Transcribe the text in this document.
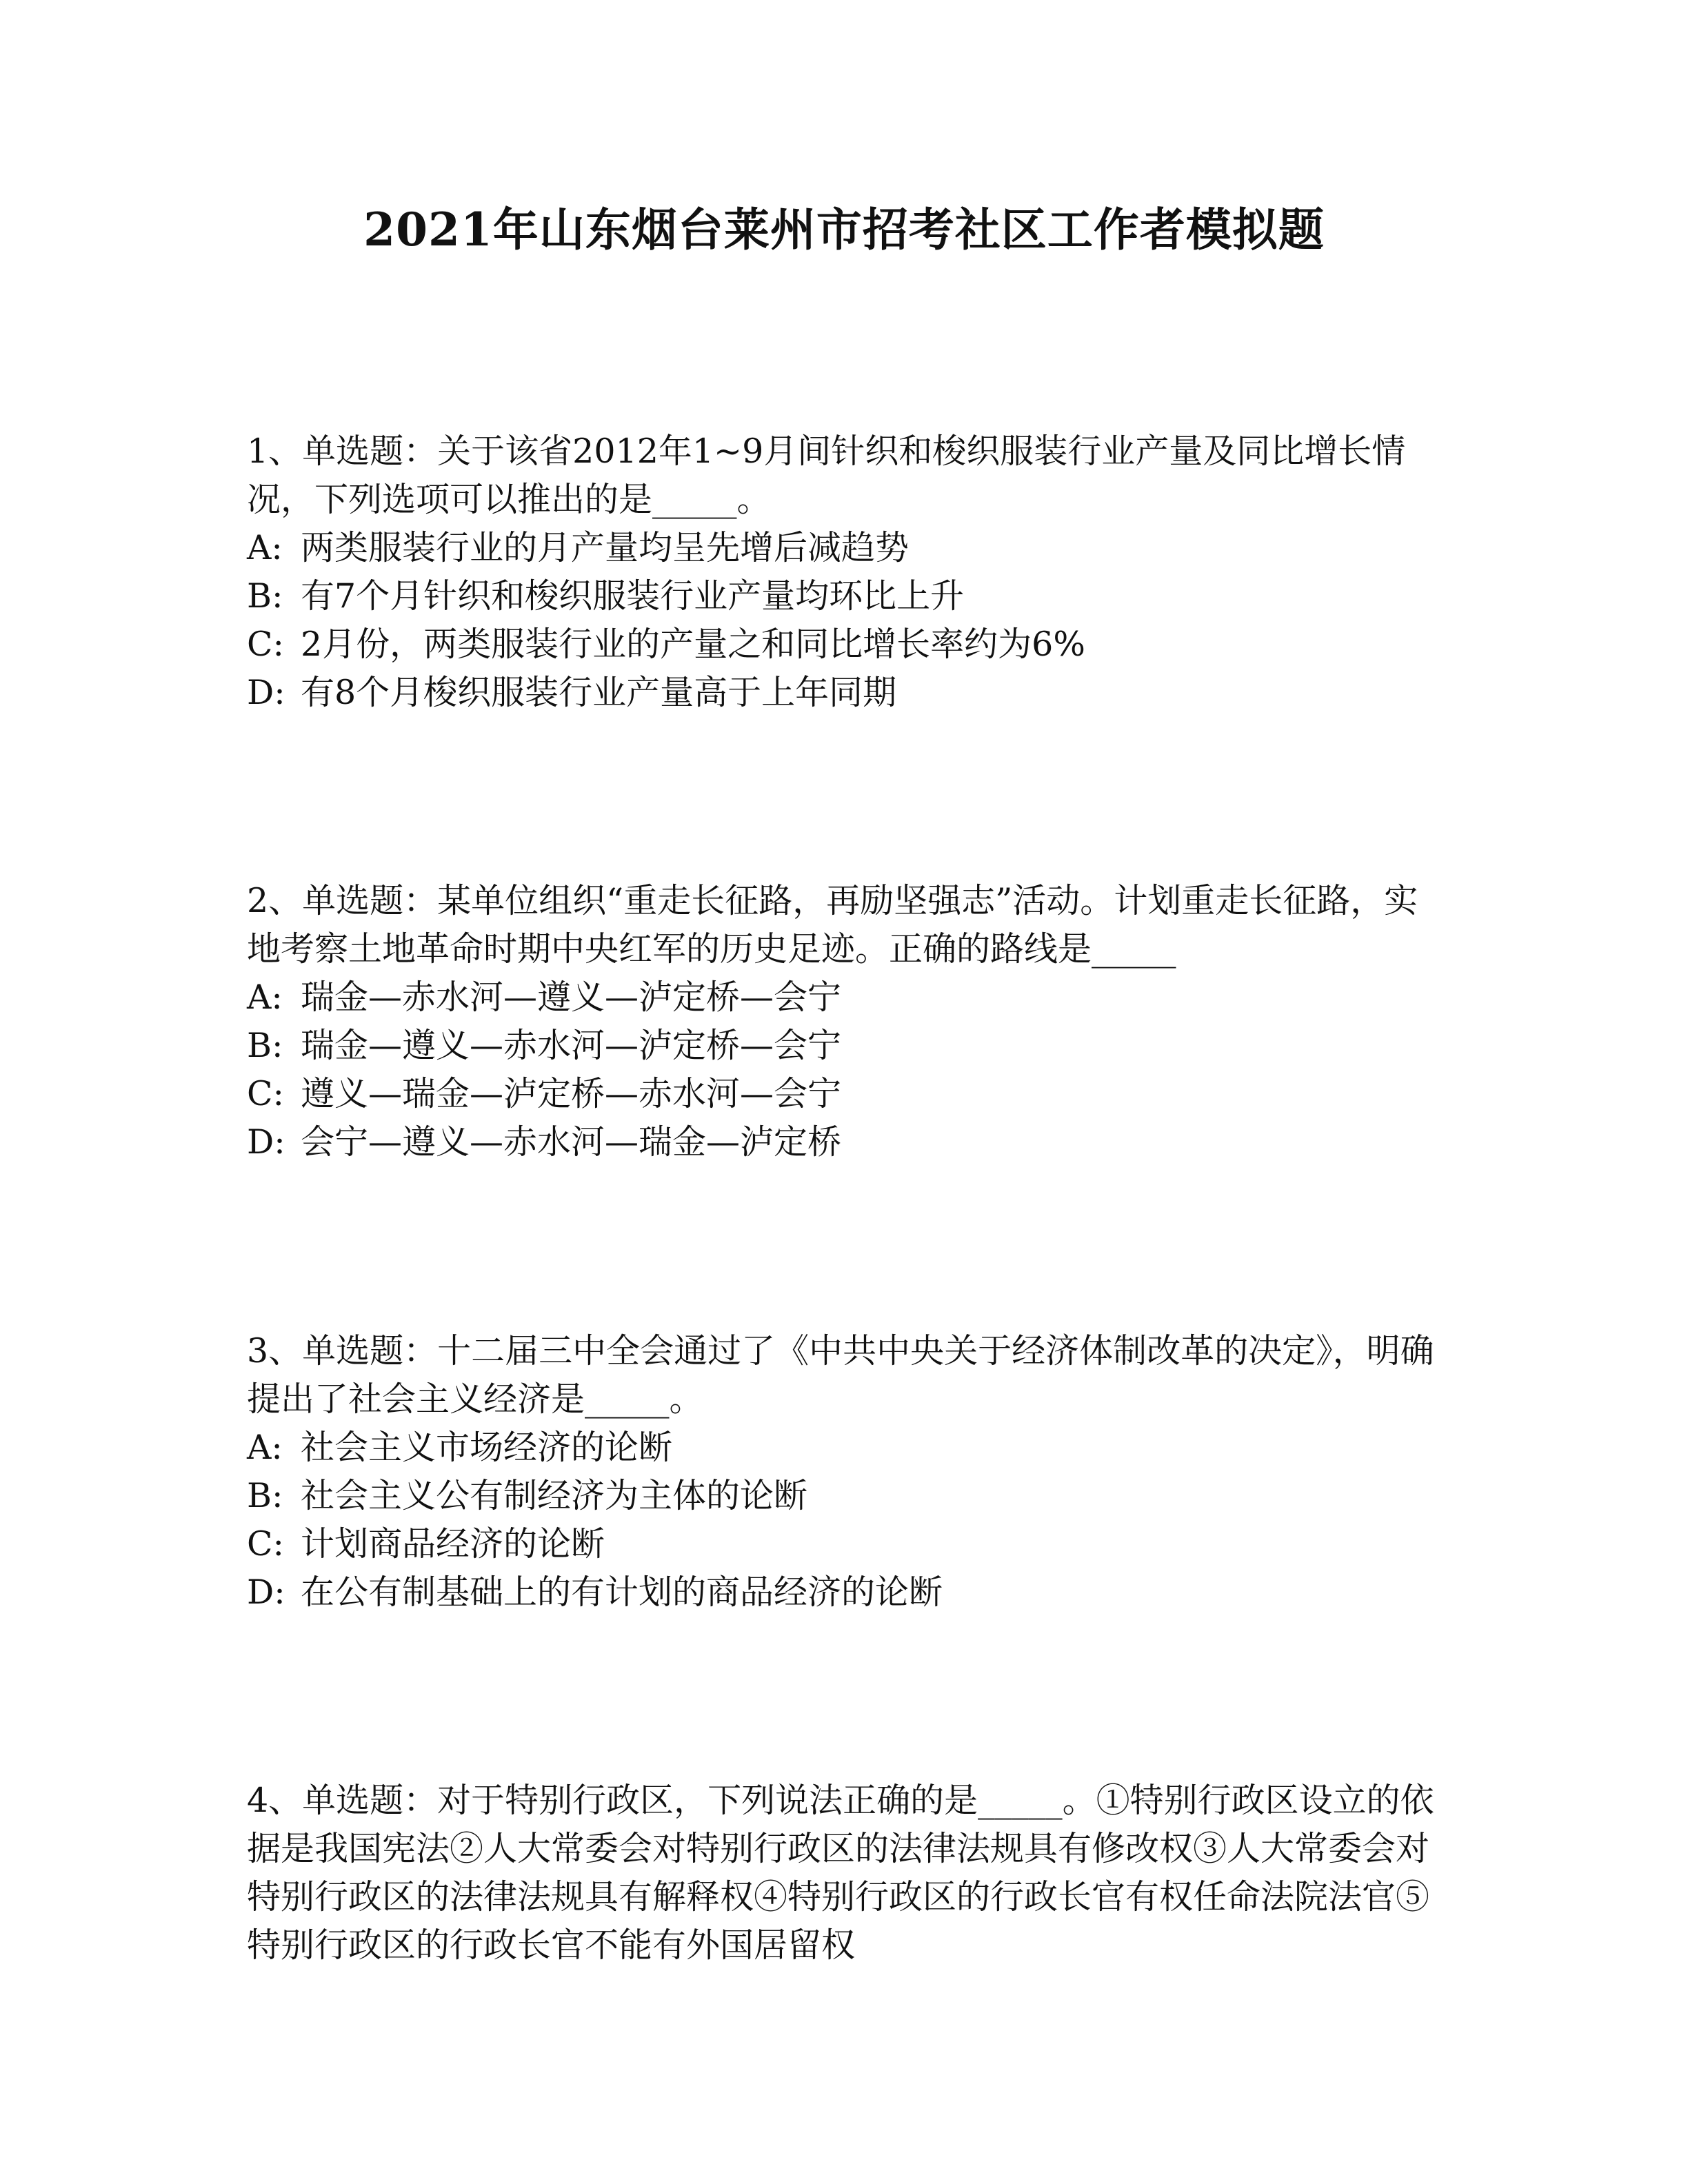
2021年山东烟台莱州市招考社区工作者模拟题

1、单选题：关于该省2012年1~9月间针织和梭织服装行业产量及同比增长情况，下列选项可以推出的是_____。

A: 两类服装行业的月产量均呈先增后减趋势

B: 有7个月针织和梭织服装行业产量均环比上升

C: 2月份，两类服装行业的产量之和同比增长率约为6%

D: 有8个月梭织服装行业产量高于上年同期

2、单选题：某单位组织“重走长征路，再励坚强志”活动。计划重走长征路，实地考察土地革命时期中央红军的历史足迹。正确的路线是_____

A: 瑞金—赤水河—遵义—泸定桥—会宁

B: 瑞金—遵义—赤水河—泸定桥—会宁

C: 遵义—瑞金—泸定桥—赤水河—会宁

D: 会宁—遵义—赤水河—瑞金—泸定桥

3、单选题：十二届三中全会通过了《中共中央关于经济体制改革的决定》，明确提出了社会主义经济是_____。

A: 社会主义市场经济的论断

B: 社会主义公有制经济为主体的论断

C: 计划商品经济的论断

D: 在公有制基础上的有计划的商品经济的论断

4、单选题：对于特别行政区，下列说法正确的是_____。①特别行政区设立的依据是我国宪法②人大常委会对特别行政区的法律法规具有修改权③人大常委会对特别行政区的法律法规具有解释权④特别行政区的行政长官有权任命法院法官⑤特别行政区的行政长官不能有外国居留权
